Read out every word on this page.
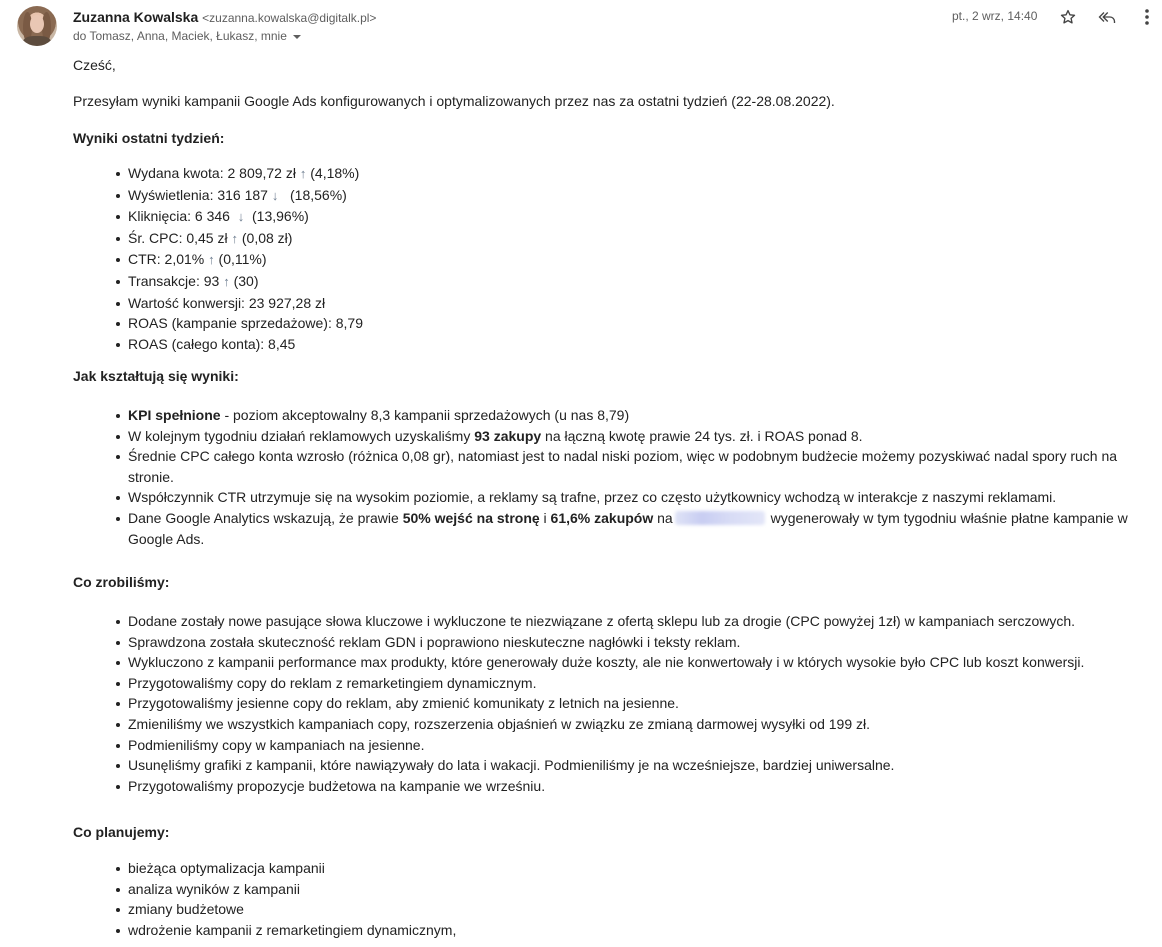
Zuzanna Kowalska <zuzanna.kowalska@digitalk.pl>
do Tomasz, Anna, Maciek, Łukasz, mnie
pt., 2 wrz, 14:40
Cześć,
Przesyłam wyniki kampanii Google Ads konfigurowanych i optymalizowanych przez nas za ostatni tydzień (22-28.08.2022).
Wyniki ostatni tydzień:
Wydana kwota: 2 809,72 zł ↑ (4,18%)
Wyświetlenia: 316 187 ↓ (18,56%)
Kliknięcia: 6 346 ↓ (13,96%)
Śr. CPC: 0,45 zł ↑ (0,08 zł)
CTR: 2,01% ↑ (0,11%)
Transakcje: 93 ↑ (30)
Wartość konwersji: 23 927,28 zł
ROAS (kampanie sprzedażowe): 8,79
ROAS (całego konta): 8,45
Jak kształtują się wyniki:
KPI spełnione - poziom akceptowalny 8,3 kampanii sprzedażowych (u nas 8,79)
W kolejnym tygodniu działań reklamowych uzyskaliśmy 93 zakupy na łączną kwotę prawie 24 tys. zł. i ROAS ponad 8.
Średnie CPC całego konta wzrosło (różnica 0,08 gr), natomiast jest to nadal niski poziom, więc w podobnym budżecie możemy pozyskiwać nadal spory ruch na stronie.
Współczynnik CTR utrzymuje się na wysokim poziomie, a reklamy są trafne, przez co często użytkownicy wchodzą w interakcje z naszymi reklamami.
Dane Google Analytics wskazują, że prawie 50% wejść na stronę i 61,6% zakupów na	wygenerowały w tym tygodniu właśnie płatne kampanie w Google Ads.
Co zrobiliśmy:
Dodane zostały nowe pasujące słowa kluczowe i wykluczone te niezwiązane z ofertą sklepu lub za drogie (CPC powyżej 1zł) w kampaniach serczowych.
Sprawdzona została skuteczność reklam GDN i poprawiono nieskuteczne nagłówki i teksty reklam.
Wykluczono z kampanii performance max produkty, które generowały duże koszty, ale nie konwertowały i w których wysokie było CPC lub koszt konwersji.
Przygotowaliśmy copy do reklam z remarketingiem dynamicznym.
Przygotowaliśmy jesienne copy do reklam, aby zmienić komunikaty z letnich na jesienne.
Zmieniliśmy we wszystkich kampaniach copy, rozszerzenia objaśnień w związku ze zmianą darmowej wysyłki od 199 zł.
Podmieniliśmy copy w kampaniach na jesienne.
Usunęliśmy grafiki z kampanii, które nawiązywały do lata i wakacji. Podmieniliśmy je na wcześniejsze, bardziej uniwersalne.
Przygotowaliśmy propozycje budżetowa na kampanie we wrześniu.
Co planujemy:
bieżąca optymalizacja kampanii
analiza wyników z kampanii
zmiany budżetowe
wdrożenie kampanii z remarketingiem dynamicznym,
